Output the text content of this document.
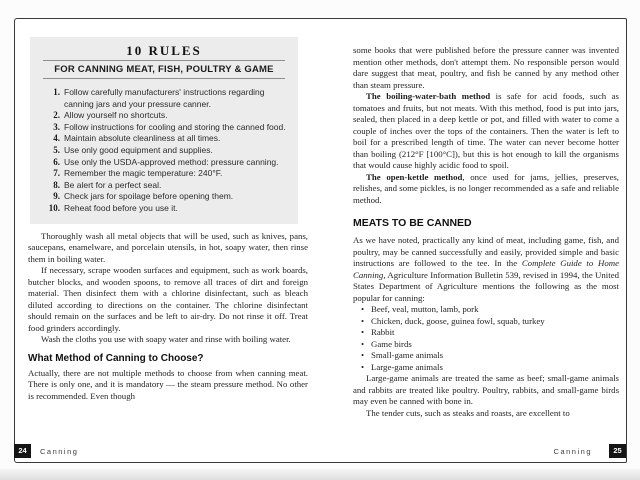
10 RULES
FOR CANNING MEAT, FISH, POULTRY & GAME
1. Follow carefully manufacturers' instructions regarding canning jars and your pressure canner.
2. Allow yourself no shortcuts.
3. Follow instructions for cooling and storing the canned food.
4. Maintain absolute cleanliness at all times.
5. Use only good equipment and supplies.
6. Use only the USDA-approved method: pressure canning.
7. Remember the magic temperature: 240°F.
8. Be alert for a perfect seal.
9. Check jars for spoilage before opening them.
10. Reheat food before you use it.

Thoroughly wash all metal objects that will be used, such as knives, pans, saucepans, enamelware, and porcelain utensils, in hot, soapy water, then rinse them in boiling water.

If necessary, scrape wooden surfaces and equipment, such as work boards, butcher blocks, and wooden spoons, to remove all traces of dirt and foreign material. Then disinfect them with a chlorine disinfectant, such as bleach diluted according to directions on the container. The chlorine disinfectant should remain on the surfaces and be left to air-dry. Do not rinse it off. Treat food grinders accordingly.

Wash the cloths you use with soapy water and rinse with boiling water.

What Method of Canning to Choose?

Actually, there are not multiple methods to choose from when canning meat. There is only one, and it is mandatory — the steam pressure method. No other is recommended. Even though

some books that were published before the pressure canner was invented mention other methods, don't attempt them. No responsible person would dare suggest that meat, poultry, and fish be canned by any method other than steam pressure.

The boiling-water-bath method is safe for acid foods, such as tomatoes and fruits, but not meats. With this method, food is put into jars, sealed, then placed in a deep kettle or pot, and filled with water to come a couple of inches over the tops of the containers. Then the water is left to boil for a prescribed length of time. The water can never become hotter than boiling (212°F [100°C]), but this is hot enough to kill the organisms that would cause highly acidic food to spoil.

The open-kettle method, once used for jams, jellies, preserves, relishes, and some pickles, is no longer recommended as a safe and reliable method.

MEATS TO BE CANNED

As we have noted, practically any kind of meat, including game, fish, and poultry, may be canned successfully and easily, provided simple and basic instructions are followed to the tee. In the Complete Guide to Home Canning, Agriculture Information Bulletin 539, revised in 1994, the United States Department of Agriculture mentions the following as the most popular for canning:

• Beef, veal, mutton, lamb, pork
• Chicken, duck, goose, guinea fowl, squab, turkey
• Rabbit
• Game birds
• Small-game animals
• Large-game animals

Large-game animals are treated the same as beef; small-game animals and rabbits are treated like poultry. Poultry, rabbits, and small-game birds may even be canned with bone in.

The tender cuts, such as steaks and roasts, are excellent to

24	Canning	Canning	25
